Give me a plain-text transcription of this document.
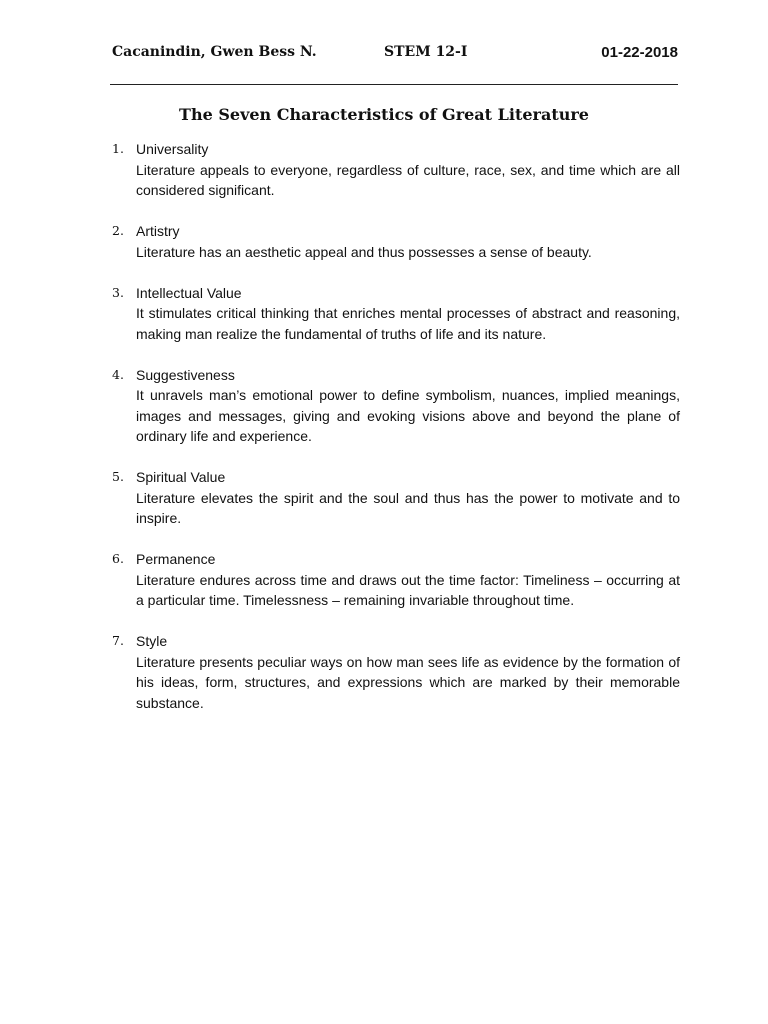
Cacanindin, Gwen Bess N.	STEM 12-I	01-22-2018
The Seven Characteristics of Great Literature
1. Universality
Literature appeals to everyone, regardless of culture, race, sex, and time which are all considered significant.
2. Artistry
Literature has an aesthetic appeal and thus possesses a sense of beauty.
3. Intellectual Value
It stimulates critical thinking that enriches mental processes of abstract and reasoning, making man realize the fundamental of truths of life and its nature.
4. Suggestiveness
It unravels man’s emotional power to define symbolism, nuances, implied meanings, images and messages, giving and evoking visions above and beyond the plane of ordinary life and experience.
5. Spiritual Value
Literature elevates the spirit and the soul and thus has the power to motivate and to inspire.
6. Permanence
Literature endures across time and draws out the time factor: Timeliness – occurring at a particular time. Timelessness – remaining invariable throughout time.
7. Style
Literature presents peculiar ways on how man sees life as evidence by the formation of his ideas, form, structures, and expressions which are marked by their memorable substance.
